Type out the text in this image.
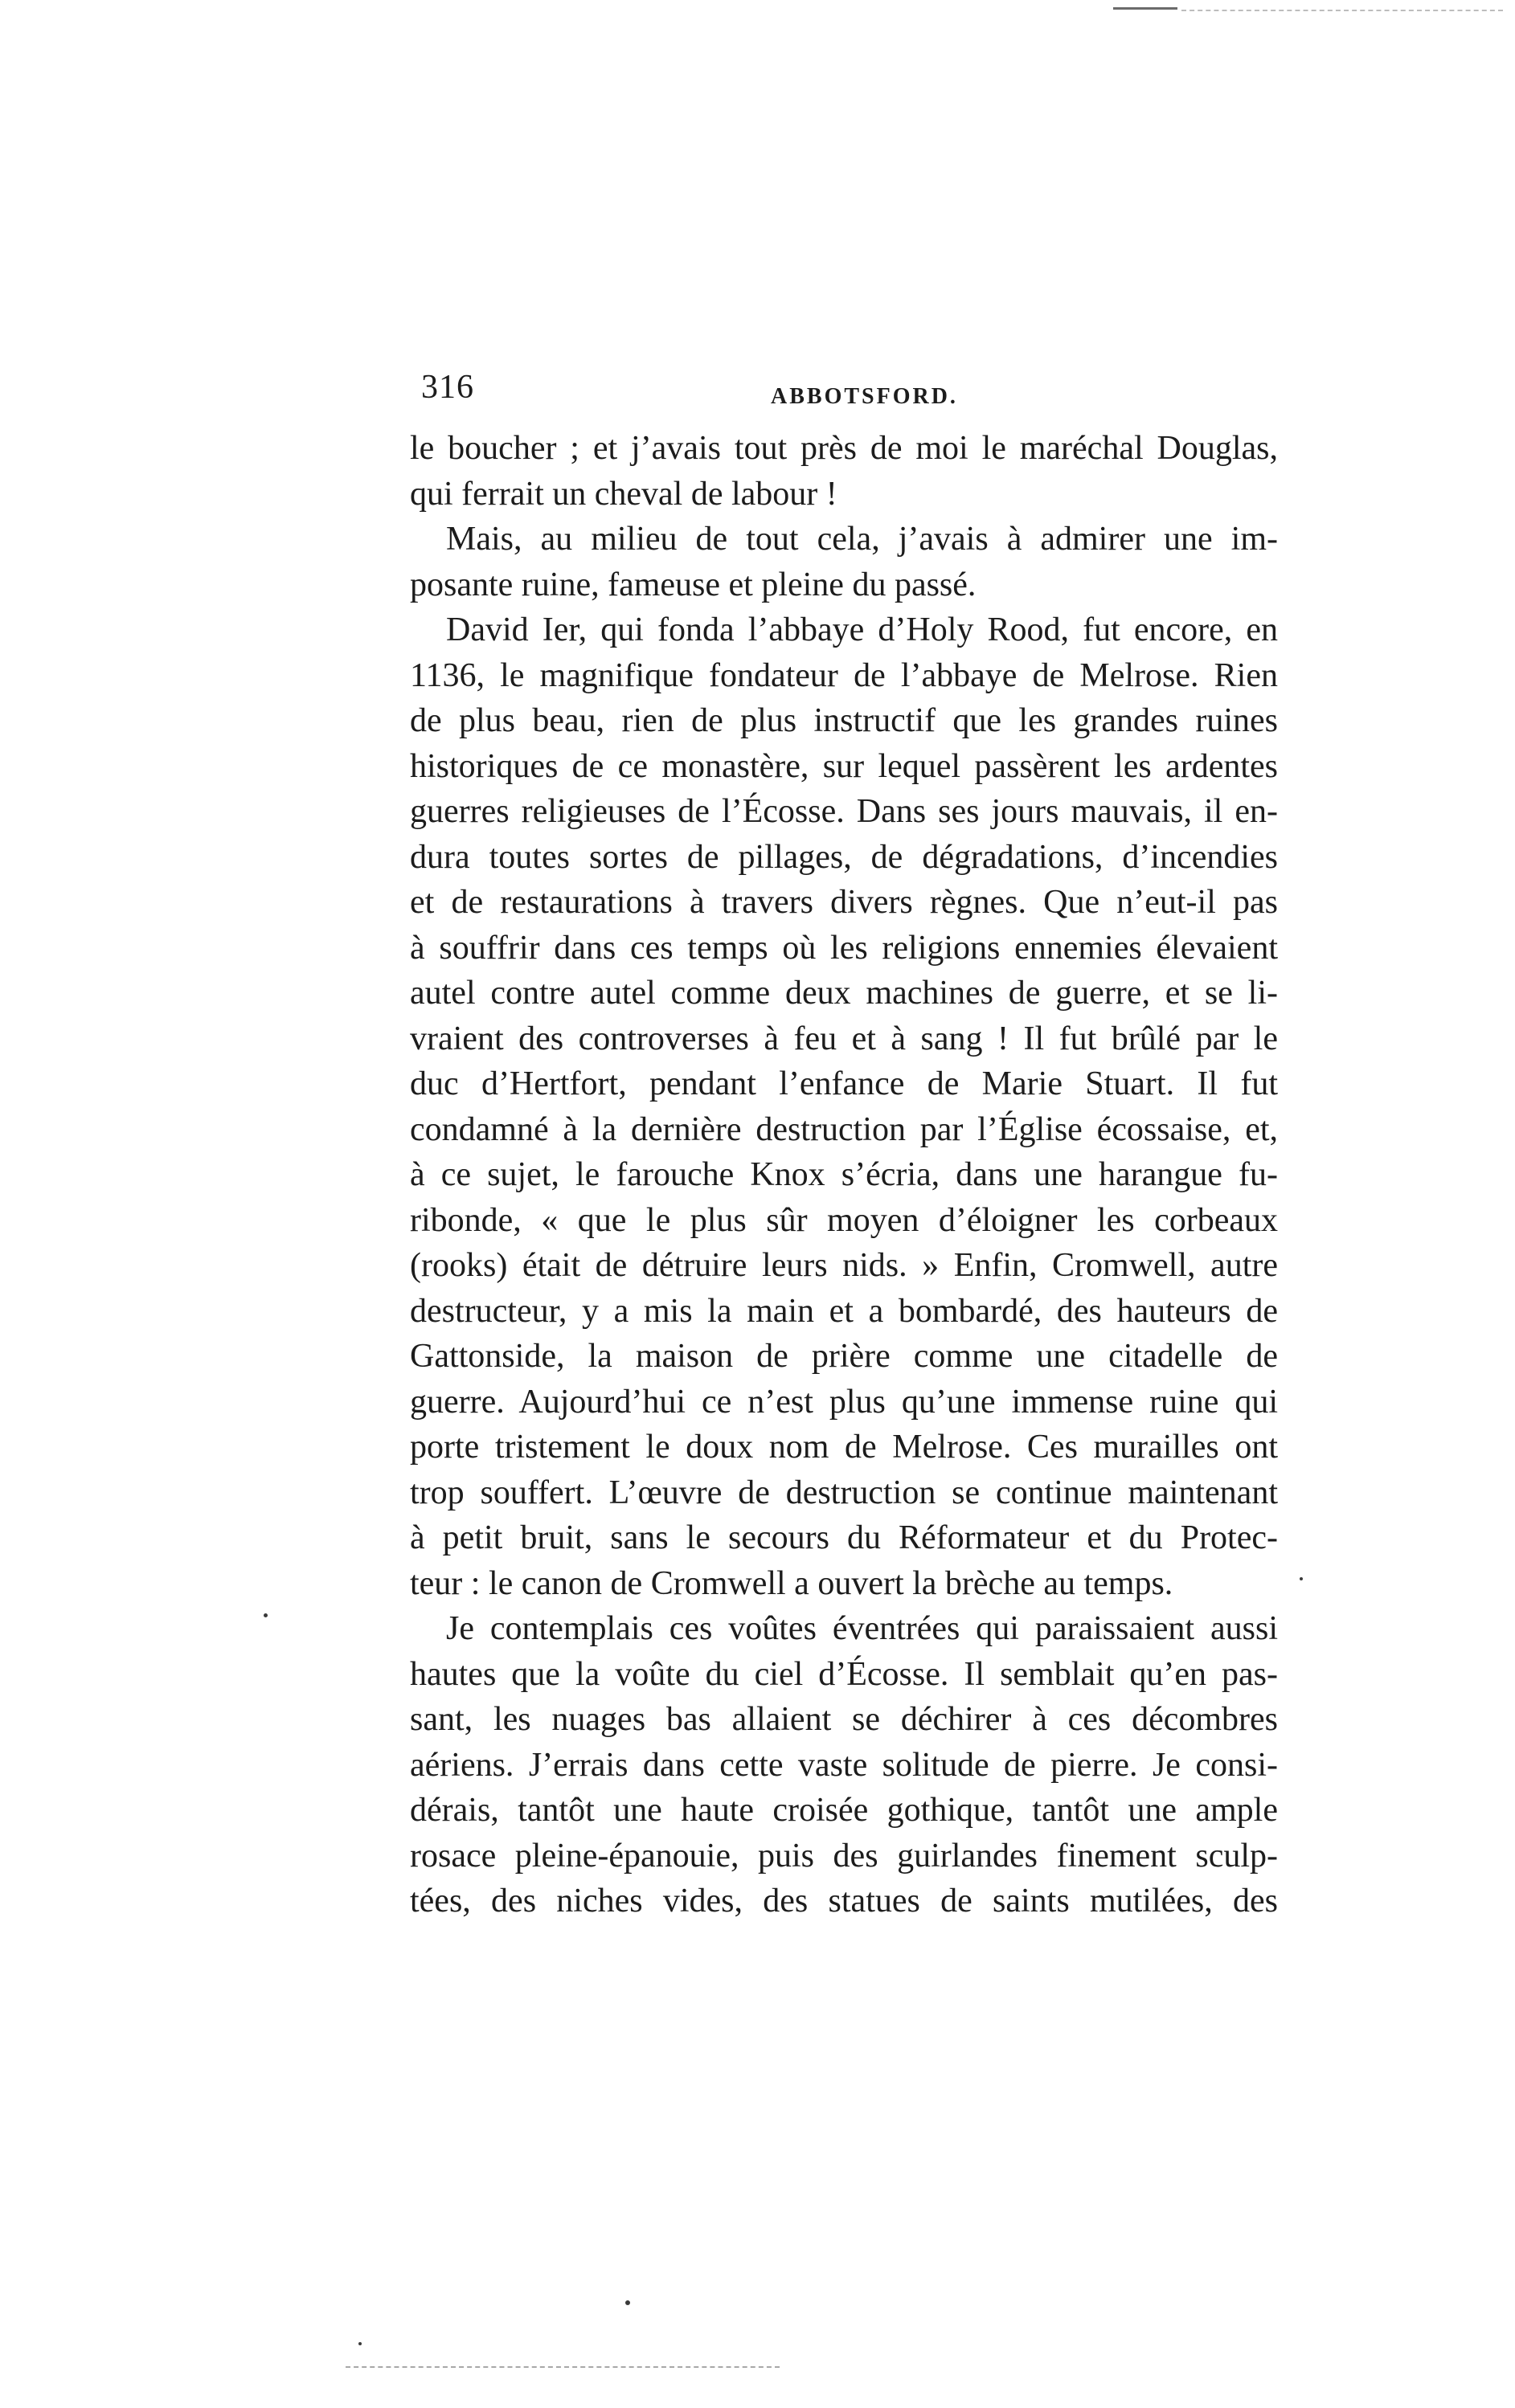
316	ABBOTSFORD.
le boucher ; et j’avais tout près de moi le maréchal Douglas,
qui ferrait un cheval de labour !
Mais, au milieu de tout cela, j’avais à admirer une im-
posante ruine, fameuse et pleine du passé.
David Ier, qui fonda l’abbaye d’Holy Rood, fut encore, en
1136, le magnifique fondateur de l’abbaye de Melrose. Rien
de plus beau, rien de plus instructif que les grandes ruines
historiques de ce monastère, sur lequel passèrent les ardentes
guerres religieuses de l’Écosse. Dans ses jours mauvais, il en-
dura toutes sortes de pillages, de dégradations, d’incendies
et de restaurations à travers divers règnes. Que n’eut-il pas
à souffrir dans ces temps où les religions ennemies élevaient
autel contre autel comme deux machines de guerre, et se li-
vraient des controverses à feu et à sang ! Il fut brûlé par le
duc d’Hertfort, pendant l’enfance de Marie Stuart. Il fut
condamné à la dernière destruction par l’Église écossaise, et,
à ce sujet, le farouche Knox s’écria, dans une harangue fu-
ribonde, « que le plus sûr moyen d’éloigner les corbeaux
(rooks) était de détruire leurs nids. » Enfin, Cromwell, autre
destructeur, y a mis la main et a bombardé, des hauteurs de
Gattonside, la maison de prière comme une citadelle de
guerre. Aujourd’hui ce n’est plus qu’une immense ruine qui
porte tristement le doux nom de Melrose. Ces murailles ont
trop souffert. L’œuvre de destruction se continue maintenant
à petit bruit, sans le secours du Réformateur et du Protec-
teur : le canon de Cromwell a ouvert la brèche au temps.
Je contemplais ces voûtes éventrées qui paraissaient aussi
hautes que la voûte du ciel d’Écosse. Il semblait qu’en pas-
sant, les nuages bas allaient se déchirer à ces décombres
aériens. J’errais dans cette vaste solitude de pierre. Je consi-
dérais, tantôt une haute croisée gothique, tantôt une ample
rosace pleine-épanouie, puis des guirlandes finement sculp-
tées, des niches vides, des statues de saints mutilées, des
